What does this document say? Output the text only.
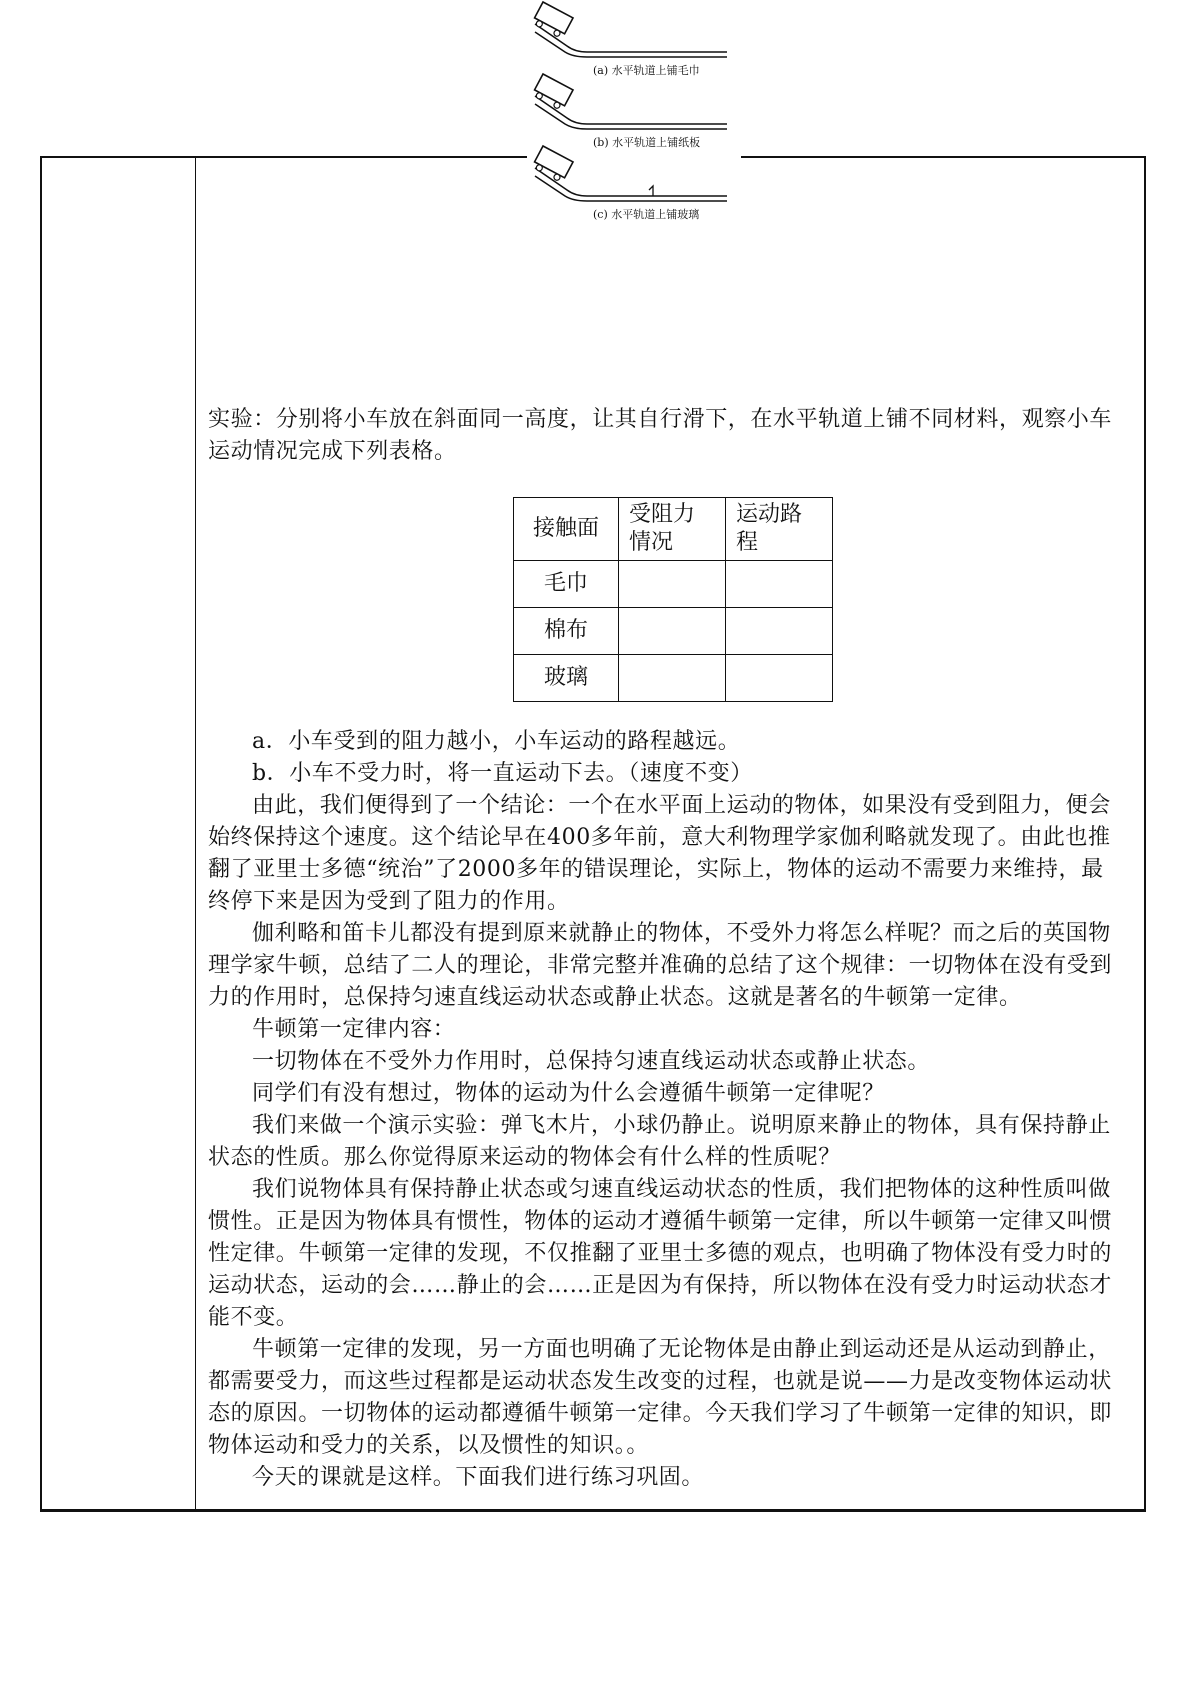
(a) 水平轨道上铺毛巾
(b) 水平轨道上铺纸板
(c) 水平轨道上铺玻璃

实验：分别将小车放在斜面同一高度，让其自行滑下，在水平轨道上铺不同材料，观察小车运动情况完成下列表格。

接触面	受阻力情况	运动路程
毛巾		
棉布		
玻璃		

a．小车受到的阻力越小，小车运动的路程越远。

b．小车不受力时，将一直运动下去。（速度不变）

由此，我们便得到了一个结论：一个在水平面上运动的物体，如果没有受到阻力，便会始终保持这个速度。这个结论早在400多年前，意大利物理学家伽利略就发现了。由此也推翻了亚里士多德“统治”了2000多年的错误理论，实际上，物体的运动不需要力来维持，最终停下来是因为受到了阻力的作用。

伽利略和笛卡儿都没有提到原来就静止的物体，不受外力将怎么样呢？而之后的英国物理学家牛顿，总结了二人的理论，非常完整并准确的总结了这个规律：一切物体在没有受到力的作用时，总保持匀速直线运动状态或静止状态。这就是著名的牛顿第一定律。

牛顿第一定律内容：

一切物体在不受外力作用时，总保持匀速直线运动状态或静止状态。

同学们有没有想过，物体的运动为什么会遵循牛顿第一定律呢？

我们来做一个演示实验：弹飞木片，小球仍静止。说明原来静止的物体，具有保持静止状态的性质。那么你觉得原来运动的物体会有什么样的性质呢？

我们说物体具有保持静止状态或匀速直线运动状态的性质，我们把物体的这种性质叫做惯性。正是因为物体具有惯性，物体的运动才遵循牛顿第一定律，所以牛顿第一定律又叫惯性定律。牛顿第一定律的发现，不仅推翻了亚里士多德的观点，也明确了物体没有受力时的运动状态，运动的会……静止的会……正是因为有保持，所以物体在没有受力时运动状态才能不变。

牛顿第一定律的发现，另一方面也明确了无论物体是由静止到运动还是从运动到静止，都需要受力，而这些过程都是运动状态发生改变的过程，也就是说——力是改变物体运动状态的原因。一切物体的运动都遵循牛顿第一定律。今天我们学习了牛顿第一定律的知识，即物体运动和受力的关系，以及惯性的知识。。

今天的课就是这样。下面我们进行练习巩固。
